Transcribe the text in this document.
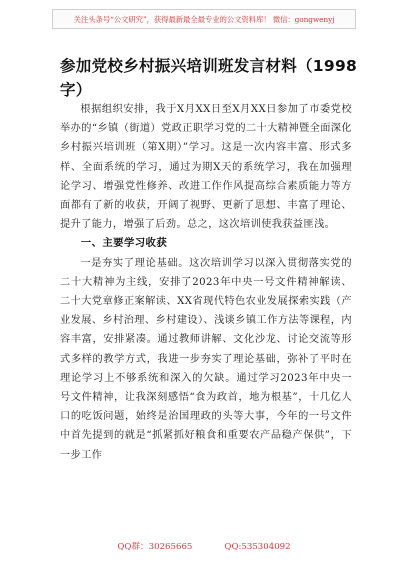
关注头条号“公文研究”，获得最新最全最专业的公文资料库！ 微信：gongwenyj
参加党校乡村振兴培训班发言材料（1998字）

根据组织安排，我于X月XX日至X月XX日参加了市委党校举办的“乡镇（街道）党政正职学习党的二十大精神暨全面深化乡村振兴培训班（第X期）”学习。这是一次内容丰富、形式多样、全面系统的学习，通过为期X天的系统学习，我在加强理论学习、增强党性修养、改进工作作风提高综合素质能力等方面都有了新的收获，开阔了视野、更新了思想、丰富了理论、提升了能力，增强了后劲。总之，这次培训使我获益匪浅。

一、主要学习收获

一是夯实了理论基础。这次培训学习以深入贯彻落实党的二十大精神为主线，安排了2023年中央一号文件精神解读、二十大党章修正案解读、XX省现代特色农业发展探索实践（产业发展、乡村治理、乡村建设）、浅谈乡镇工作方法等课程，内容丰富，安排紧凑。通过教师讲解、文化沙龙、讨论交流等形式多样的教学方式，我进一步夯实了理论基础，弥补了平时在理论学习上不够系统和深入的欠缺。通过学习2023年中央一号文件精神，让我深刻感悟“食为政首，地为根基”，十几亿人口的吃饭问题，始终是治国理政的头等大事，今年的一号文件中首先提到的就是“抓紧抓好粮食和重要农产品稳产保供”，下一步工作

QQ群：30265665	QQ:535304092
